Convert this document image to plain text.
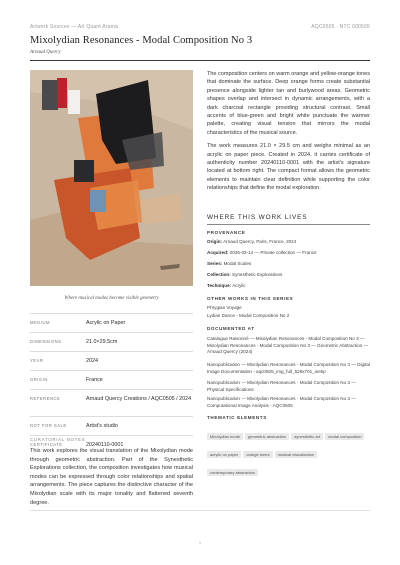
Artwork Sources — Art Quant Arama	AQC0505 · NTC 000505
Mixolydian Resonances - Modal Composition No 3
Arnaud Quercy
Where musical modes become visible geometry
MEDIUM	Acrylic on Paper
DIMENSIONS	21.0×29.5cm
YEAR	2024
ORIGIN	France
REFERENCE	Arnaud Quercy Creations / AQC0505 / 2024
NOT FOR SALE	Artist's studio
CERTIFICATE	20240110-0001
CURATORIAL NOTES
This work explores the visual translation of the Mixolydian mode through geometric abstraction. Part of the Synesthetic Explorations collection, the composition investigates how musical modes can be expressed through color relationships and spatial arrangements. The piece captures the distinctive character of the Mixolydian scale with its major tonality and flattened seventh degree.

The composition centers on warm orange and yellow-orange tones that dominate the surface. Deep orange forms create substantial presence alongside lighter tan and burlywood areas. Geometric shapes overlap and intersect in dynamic arrangements, with a dark charcoal rectangle providing structural contrast. Small accents of blue-green and bright white punctuate the warmer palette, creating visual tension that mirrors the modal characteristics of the musical source.

The work measures 21.0 × 29.5 cm and weighs minimal as an acrylic on paper piece. Created in 2024, it carries certificate of authenticity number 20240110-0001 with the artist's signature located at bottom right. The compact format allows the geometric elements to maintain clear definition while supporting the color relationships that define the modal exploration.

WHERE THIS WORK LIVES
PROVENANCE
Origin: Arnaud Quercy, Paris, France, 2024
Acquired: 2026-02-14 — Private collection — France
Series: Modal Scales
Collection: Synesthetic Explorations
Technique: Acrylic
OTHER WORKS IN THIS SERIES
Phrygian Voyage
Lydian Dance - Modal Composition No 2
DOCUMENTED AT
Catalogue Raisonné — Mixolydian Resonances - Modal Composition No 3 — Mixolydian Resonances - Modal Composition No 3 — Geometric Abstraction — Arnaud Quercy (2024)
Nanopublication — Mixolydian Resonances - Modal Composition No 3 — Digital Image Documentation - aqc0505_img_full_526x701_webp
Nanopublication — Mixolydian Resonances - Modal Composition No 3 — Physical Specifications
Nanopublication — Mixolydian Resonances - Modal Composition No 3 — Computational Image Analysis - AQC0505
THEMATIC ELEMENTS
Mixolydian mode geometric abstraction synesthetic art modal compositionacrylic on paper orange tones musical visualizationcontemporary abstraction
1
